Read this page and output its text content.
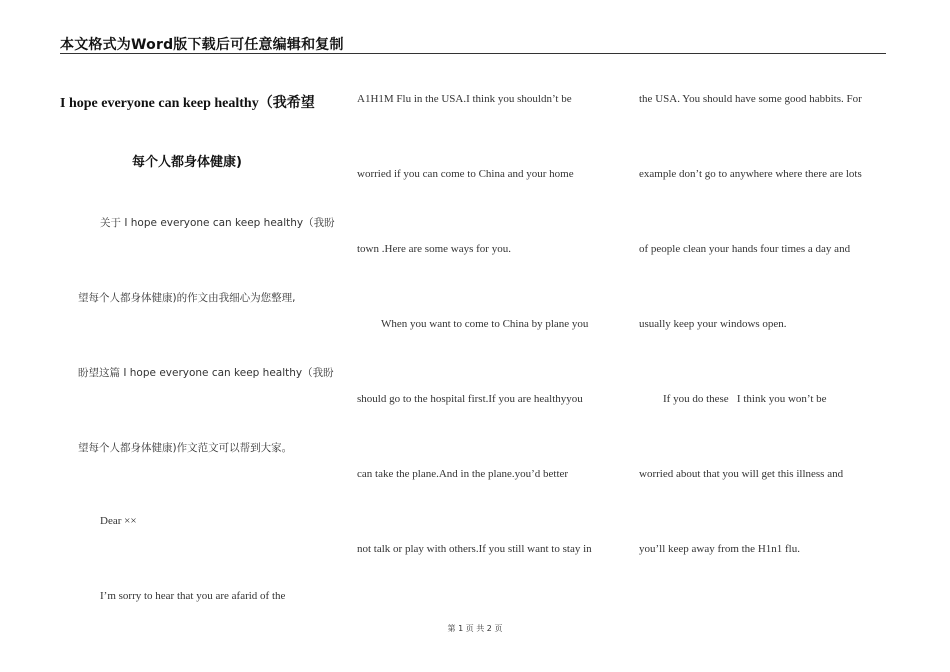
本文格式为Word版下载后可任意编辑和复制
I hope everyone can keep healthy（我希望
每个人都身体健康)
关于 I hope everyone can keep healthy（我盼
望每个人都身体健康)的作文由我细心为您整理,
盼望这篇 I hope everyone can keep healthy（我盼
望每个人都身体健康)作文范文可以帮到大家。
Dear ××
I’m sorry to hear that you are afarid of the
A1H1M Flu in the USA.I think you shouldn’t be
worried if you can come to China and your home
town .Here are some ways for you.
When you want to come to China by plane you
should go to the hospital first.If you are healthyyou
can take the plane.And in the plane.you’d better
not talk or play with others.If you still want to stay in
the USA. You should have some good habbits. For
example don’t go to anywhere where there are lots
of people clean your hands four times a day and
usually keep your windows open.
If you do these   I think you won’t be
worried about that you will get this illness and
you’ll keep away from the H1n1 flu.
第 1 页 共 2 页
